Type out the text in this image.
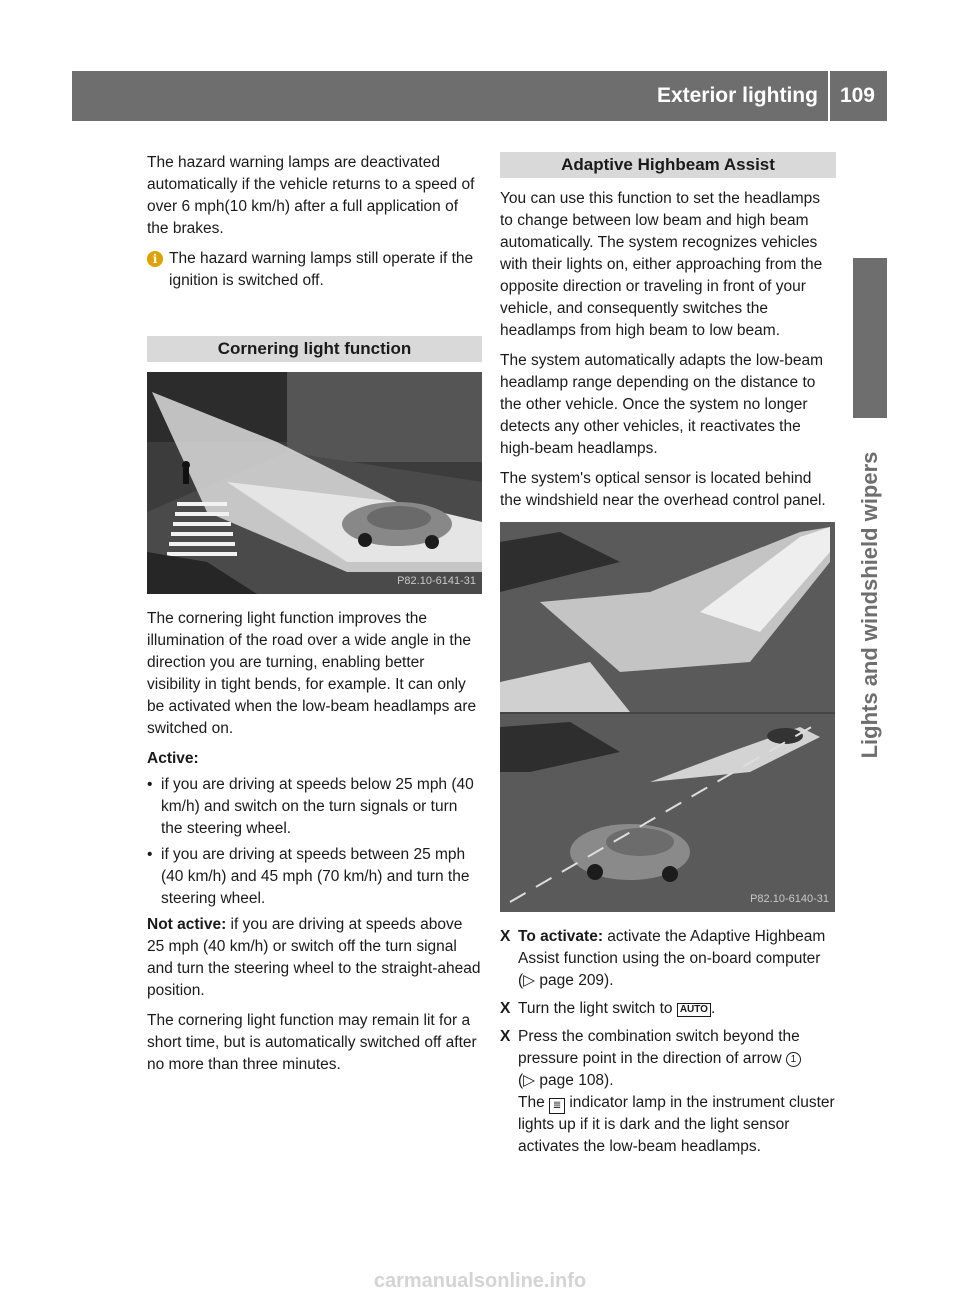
Exterior lighting	109
Lights and windshield wipers

The hazard warning lamps are deactivated automatically if the vehicle returns to a speed of over 6 mph(10 km/h) after a full application of the brakes.

i The hazard warning lamps still operate if the ignition is switched off.
Cornering light function
P82.10-6141-31

The cornering light function improves the illumination of the road over a wide angle in the direction you are turning, enabling better visibility in tight bends, for example. It can only be activated when the low-beam headlamps are switched on.

Active:

• if you are driving at speeds below 25 mph (40 km/h) and switch on the turn signals or turn the steering wheel.
• if you are driving at speeds between 25 mph (40 km/h) and 45 mph (70 km/h) and turn the steering wheel.

Not active: if you are driving at speeds above 25 mph (40 km/h) or switch off the turn signal and turn the steering wheel to the straight-ahead position.

The cornering light function may remain lit for a short time, but is automatically switched off after no more than three minutes.

Adaptive Highbeam Assist

You can use this function to set the headlamps to change between low beam and high beam automatically. The system recognizes vehicles with their lights on, either approaching from the opposite direction or traveling in front of your vehicle, and consequently switches the headlamps from high beam to low beam.

The system automatically adapts the low-beam headlamp range depending on the distance to the other vehicle. Once the system no longer detects any other vehicles, it reactivates the high-beam headlamps.

The system's optical sensor is located behind the windshield near the overhead control panel.

P82.10-6140-31
X To activate: activate the Adaptive Highbeam Assist function using the on-board computer (▷ page 209).
X Turn the light switch to AUTO .
X Press the combination switch beyond the pressure point in the direction of arrow 1
(▷ page 108).
The ≣ indicator lamp in the instrument cluster lights up if it is dark and the light sensor activates the low-beam headlamps.
carmanualsonline.info
